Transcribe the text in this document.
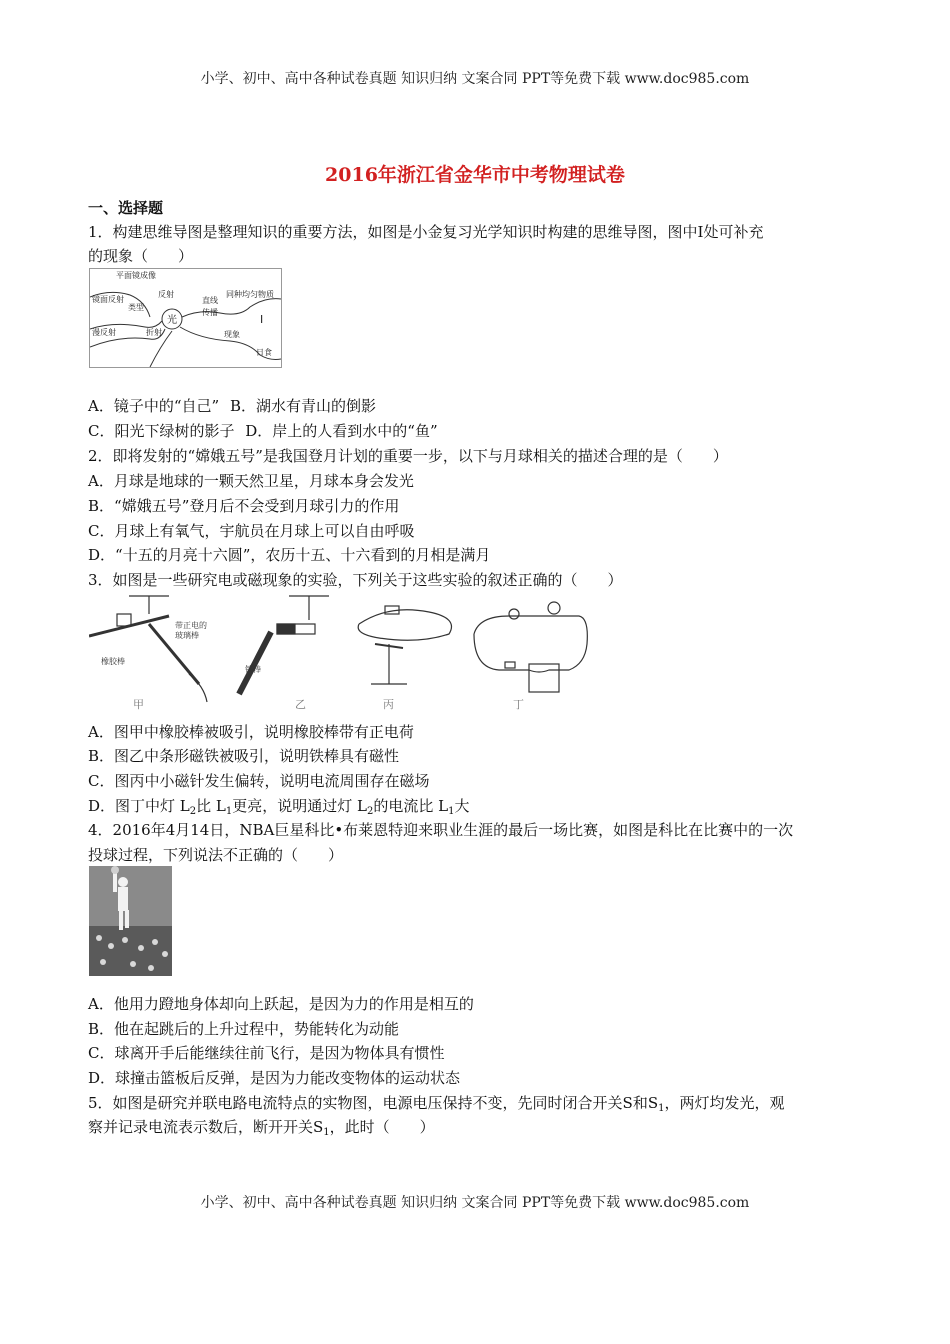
小学、初中、高中各种试卷真题 知识归纳 文案合同 PPT等免费下载 www.doc985.com
2016年浙江省金华市中考物理试卷
一、选择题
1．构建思维导图是整理知识的重要方法，如图是小金复习光学知识时构建的思维导图，图中Ⅰ处可补充
的现象（　　）
平面镜成像
镜面反射
类型
反射
直线
传播
同种均匀物质
光
漫反射	折射	现象
Ⅰ
日食
A．镜子中的“自己” B．湖水有青山的倒影
C．阳光下绿树的影子 D．岸上的人看到水中的“鱼”
2．即将发射的“嫦娥五号”是我国登月计划的重要一步，以下与月球相关的描述合理的是（　　）
A．月球是地球的一颗天然卫星，月球本身会发光
B．“嫦娥五号”登月后不会受到月球引力的作用
C．月球上有氧气，宇航员在月球上可以自由呼吸
D．“十五的月亮十六圆”，农历十五、十六看到的月相是满月
3．如图是一些研究电或磁现象的实验，下列关于这些实验的叙述正确的（　　）
橡胶棒
带正电的
玻璃棒
铁棒
甲	乙	丙	丁
A．图甲中橡胶棒被吸引，说明橡胶棒带有正电荷
B．图乙中条形磁铁被吸引，说明铁棒具有磁性
C．图丙中小磁针发生偏转，说明电流周围存在磁场
D．图丁中灯 $L_2$比 $L_1$更亮，说明通过灯 $L_2$的电流比 $L_1$大
4．2016年4月14日，NBA巨星科比•布莱恩特迎来职业生涯的最后一场比赛，如图是科比在比赛中的一次
投球过程，下列说法不正确的（　　）
A．他用力蹬地身体却向上跃起，是因为力的作用是相互的
B．他在起跳后的上升过程中，势能转化为动能
C．球离开手后能继续往前飞行，是因为物体具有惯性
D．球撞击篮板后反弹，是因为力能改变物体的运动状态
5．如图是研究并联电路电流特点的实物图，电源电压保持不变，先同时闭合开关S和$S_1$，两灯均发光，观
察并记录电流表示数后，断开开关$S_1$，此时（　　）
小学、初中、高中各种试卷真题 知识归纳 文案合同 PPT等免费下载 www.doc985.com
